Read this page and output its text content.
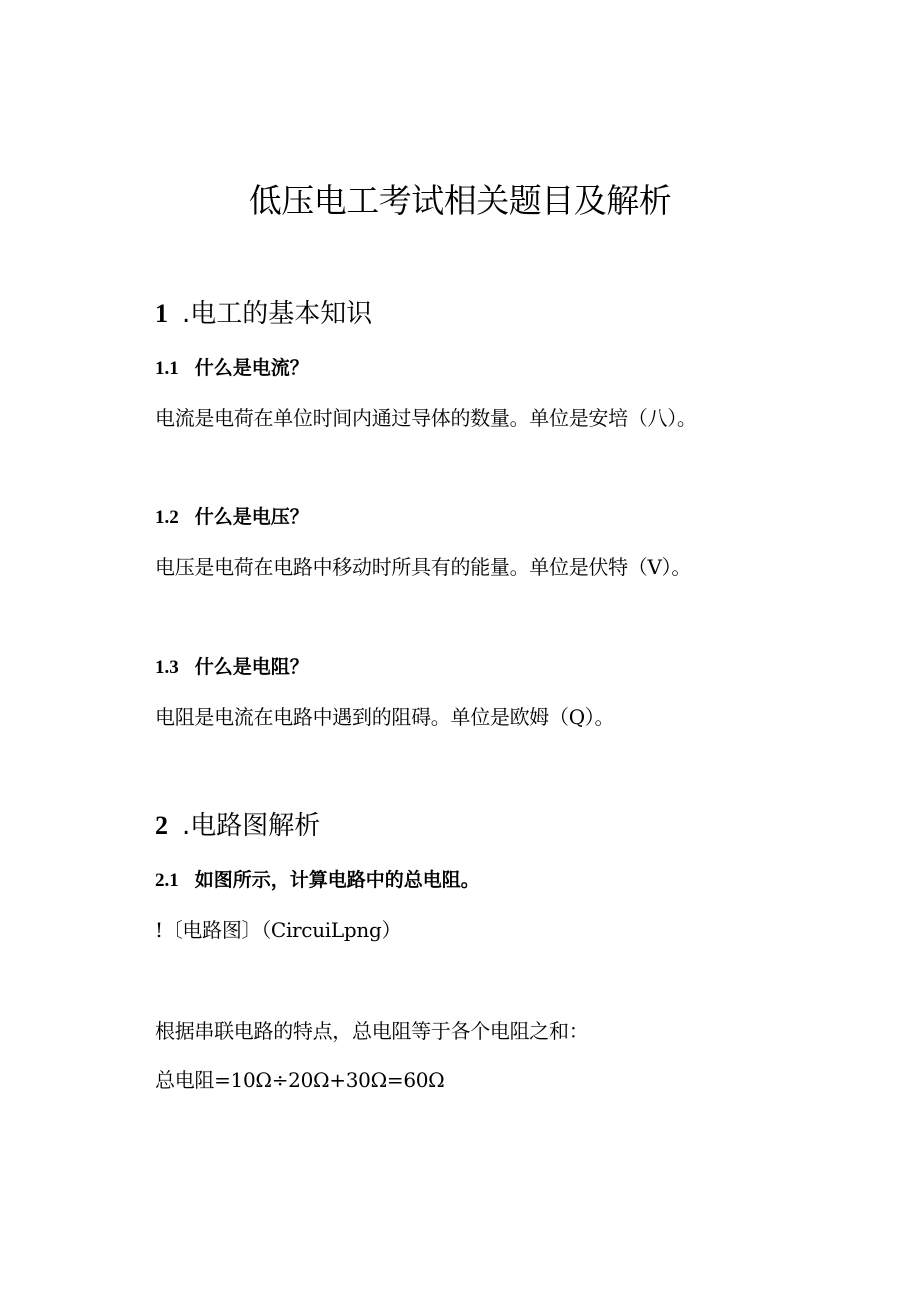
低压电工考试相关题目及解析
1 .电工的基本知识
1.1 什么是电流？

电流是电荷在单位时间内通过导体的数量。单位是安培（八）。

1.2 什么是电压？

电压是电荷在电路中移动时所具有的能量。单位是伏特（V）。

1.3 什么是电阻？

电阻是电流在电路中遇到的阻碍。单位是欧姆（Q）。

2 .电路图解析
2.1 如图所示，计算电路中的总电阻。

!〔电路图〕（CircuiLpng）

根据串联电路的特点，总电阻等于各个电阻之和：

总电阻=10Ω÷20Ω+30Ω=60Ω
